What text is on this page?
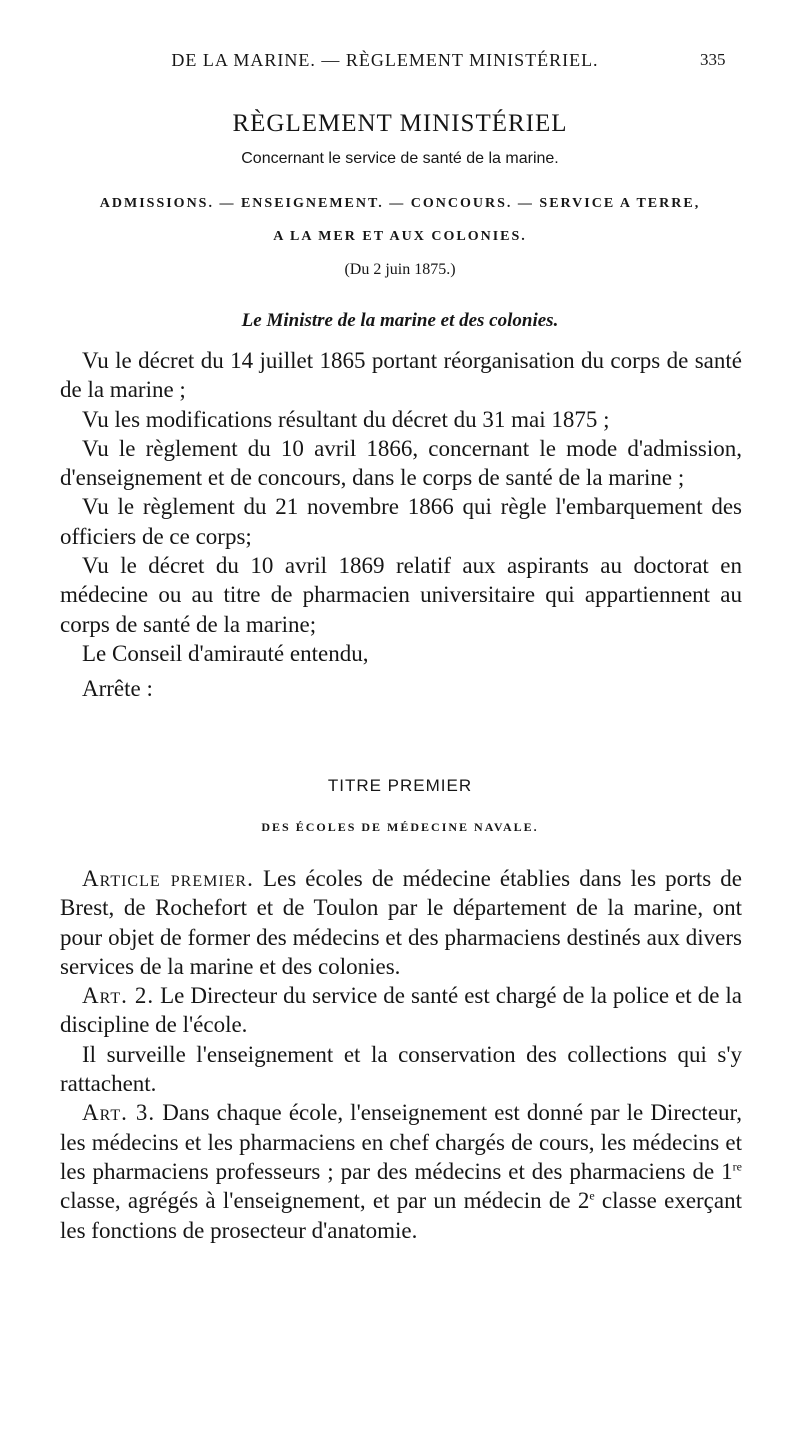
DE LA MARINE. — RÈGLEMENT MINISTÉRIEL.	335
RÈGLEMENT MINISTÉRIEL
Concernant le service de santé de la marine.
ADMISSIONS. — ENSEIGNEMENT. — CONCOURS. — SERVICE A TERRE,
A LA MER ET AUX COLONIES.
(Du 2 juin 1875.)
Le Ministre de la marine et des colonies.

Vu le décret du 14 juillet 1865 portant réorganisation du corps de santé de la marine ;

Vu les modifications résultant du décret du 31 mai 1875 ;

Vu le règlement du 10 avril 1866, concernant le mode d'admission, d'enseignement et de concours, dans le corps de santé de la marine ;

Vu le règlement du 21 novembre 1866 qui règle l'embarquement des officiers de ce corps;

Vu le décret du 10 avril 1869 relatif aux aspirants au doctorat en médecine ou au titre de pharmacien universitaire qui appartiennent au corps de santé de la marine;

Le Conseil d'amirauté entendu,

Arrête :

TITRE PREMIER
DES ÉCOLES DE MÉDECINE NAVALE.

Article premier. Les écoles de médecine établies dans les ports de Brest, de Rochefort et de Toulon par le département de la marine, ont pour objet de former des médecins et des pharmaciens destinés aux divers services de la marine et des colonies.

Art. 2. Le Directeur du service de santé est chargé de la police et de la discipline de l'école.

Il surveille l'enseignement et la conservation des collections qui s'y rattachent.

Art. 3. Dans chaque école, l'enseignement est donné par le Directeur, les médecins et les pharmaciens en chef chargés de cours, les médecins et les pharmaciens professeurs ; par des médecins et des pharmaciens de 1re classe, agrégés à l'enseignement, et par un médecin de 2e classe exerçant les fonctions de prosecteur d'anatomie.
